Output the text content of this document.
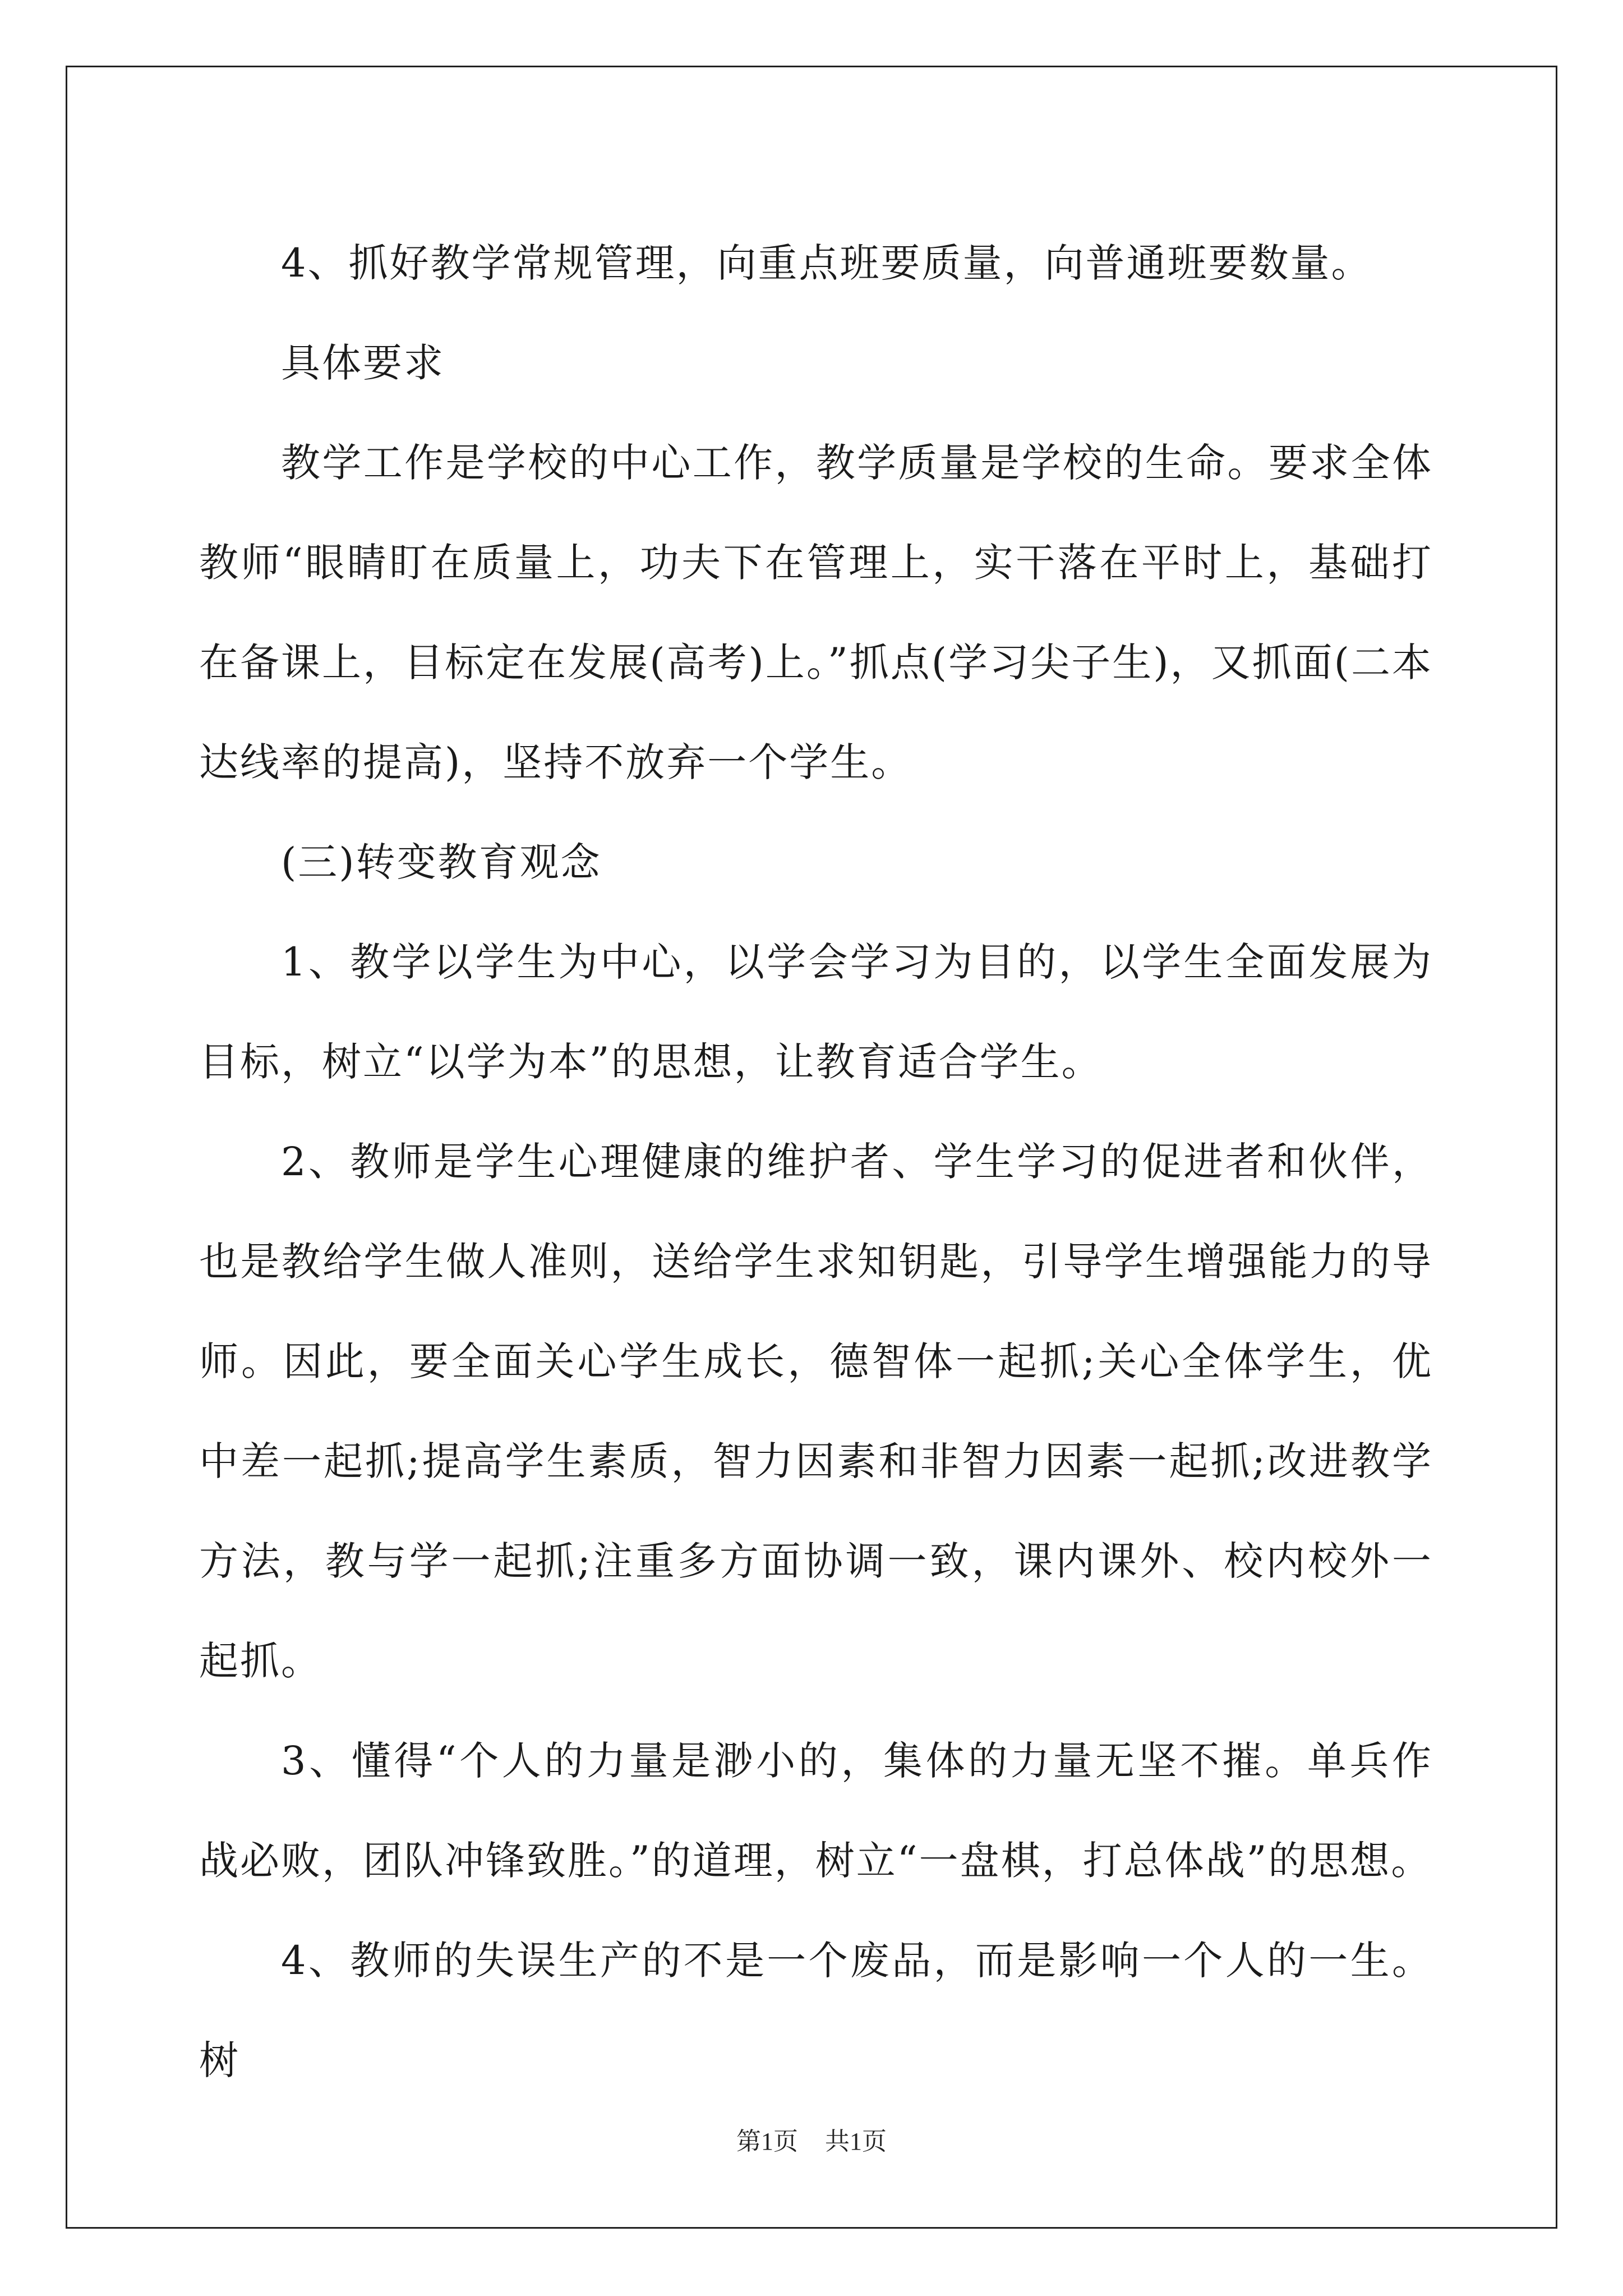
4、抓好教学常规管理，向重点班要质量，向普通班要数量。

具体要求

教学工作是学校的中心工作，教学质量是学校的生命。要求全体教师“眼睛盯在质量上，功夫下在管理上，实干落在平时上，基础打在备课上，目标定在发展(高考)上。”抓点(学习尖子生)，又抓面(二本达线率的提高)，坚持不放弃一个学生。

(三)转变教育观念

1、教学以学生为中心，以学会学习为目的，以学生全面发展为目标，树立“以学为本”的思想，让教育适合学生。

2、教师是学生心理健康的维护者、学生学习的促进者和伙伴，也是教给学生做人准则，送给学生求知钥匙，引导学生增强能力的导师。因此，要全面关心学生成长，德智体一起抓;关心全体学生，优中差一起抓;提高学生素质，智力因素和非智力因素一起抓;改进教学方法，教与学一起抓;注重多方面协调一致，课内课外、校内校外一起抓。

3、懂得“个人的力量是渺小的，集体的力量无坚不摧。单兵作战必败，团队冲锋致胜。”的道理，树立“一盘棋，打总体战”的思想。

4、教师的失误生产的不是一个废品，而是影响一个人的一生。树

第1页 共1页
